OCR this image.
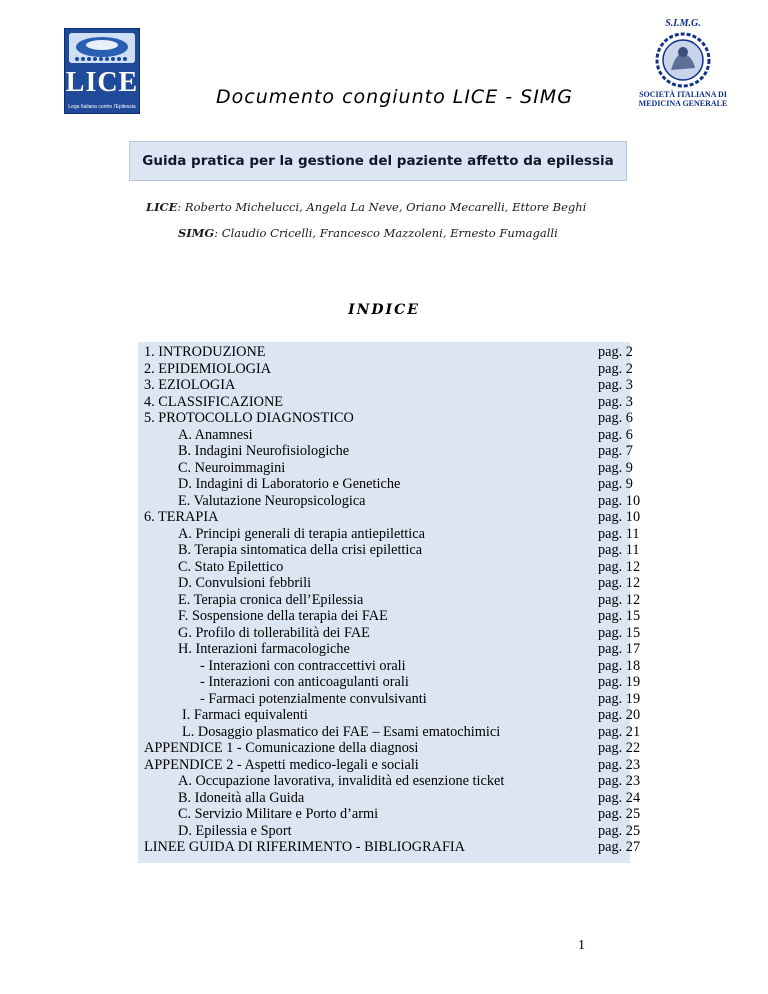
LICE
Lega Italiana contro l'Epilessia
S.I.M.G.
SOCIETÀ ITALIANA DI
MEDICINA GENERALE
Documento congiunto LICE - SIMG
Guida pratica per la gestione del paziente affetto da epilessia
LICE: Roberto Michelucci, Angela La Neve, Oriano Mecarelli, Ettore Beghi
SIMG: Claudio Cricelli, Francesco Mazzoleni, Ernesto Fumagalli
INDICE
1. INTRODUZIONE	pag. 2
2. EPIDEMIOLOGIA	pag. 2
3. EZIOLOGIA	pag. 3
4. CLASSIFICAZIONE	pag. 3
5. PROTOCOLLO DIAGNOSTICO	pag. 6
A. Anamnesi	pag. 6
B. Indagini Neurofisiologiche	pag. 7
C. Neuroimmagini	pag. 9
D. Indagini di Laboratorio e Genetiche	pag. 9
E. Valutazione Neuropsicologica	pag. 10
6. TERAPIA	pag. 10
A. Principi generali di terapia antiepilettica	pag. 11
B. Terapia sintomatica della crisi epilettica	pag. 11
C. Stato Epilettico	pag. 12
D. Convulsioni febbrili	pag. 12
E. Terapia cronica dell’Epilessia	pag. 12
F. Sospensione della terapia dei FAE	pag. 15
G. Profilo di tollerabilità dei FAE	pag. 15
H. Interazioni farmacologiche	pag. 17
- Interazioni con contraccettivi orali	pag. 18
- Interazioni con anticoagulanti orali	pag. 19
- Farmaci potenzialmente convulsivanti	pag. 19
I. Farmaci equivalenti	pag. 20
L. Dosaggio plasmatico dei FAE – Esami ematochimici	pag. 21
APPENDICE 1 - Comunicazione della diagnosi	pag. 22
APPENDICE 2 - Aspetti medico-legali e sociali	pag. 23
A. Occupazione lavorativa, invalidità ed esenzione ticket	pag. 23
B. Idoneità alla Guida	pag. 24
C. Servizio Militare e Porto d’armi	pag. 25
D. Epilessia e Sport	pag. 25
LINEE GUIDA DI RIFERIMENTO - BIBLIOGRAFIA	pag. 27
1
